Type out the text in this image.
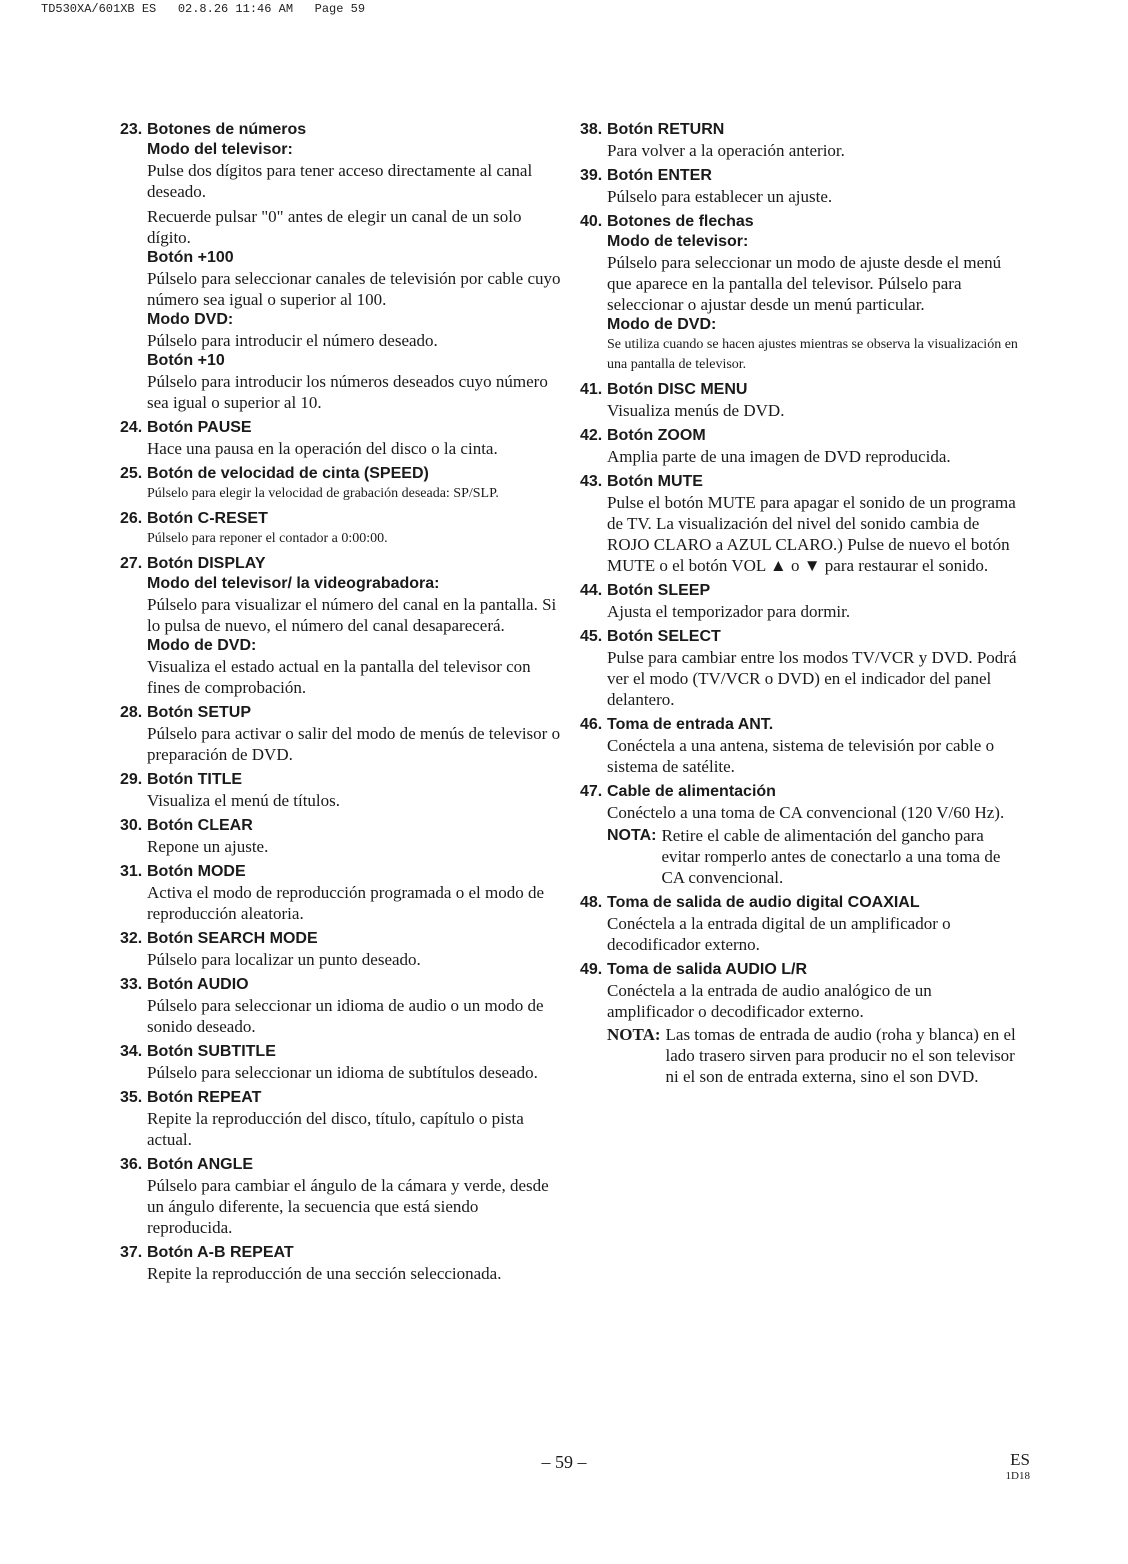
TD530XA/601XB ES   02.8.26 11:46 AM   Page 59
23. Botones de números
Modo del televisor:
Pulse dos dígitos para tener acceso directamente al canal deseado.
Recuerde pulsar "0" antes de elegir un canal de un solo dígito.
Botón +100
Púlselo para seleccionar canales de televisión por cable cuyo número sea igual o superior al 100.
Modo DVD:
Púlselo para introducir el número deseado.
Botón +10
Púlselo para introducir los números deseados cuyo número sea igual o superior al 10.
24. Botón PAUSE
Hace una pausa en la operación del disco o la cinta.
25. Botón de velocidad de cinta (SPEED)
Púlselo para elegir la velocidad de grabación deseada: SP/SLP.
26. Botón C-RESET
Púlselo para reponer el contador a 0:00:00.
27. Botón DISPLAY
Modo del televisor/ la videograbadora:
Púlselo para visualizar el número del canal en la pantalla. Si lo pulsa de nuevo, el número del canal desaparecerá.
Modo de DVD:
Visualiza el estado actual en la pantalla del televisor con fines de comprobación.
28. Botón SETUP
Púlselo para activar o salir del modo de menús de televisor o preparación de DVD.
29. Botón TITLE
Visualiza el menú de títulos.
30. Botón CLEAR
Repone un ajuste.
31. Botón MODE
Activa el modo de reproducción programada o el modo de reproducción aleatoria.
32. Botón SEARCH MODE
Púlselo para localizar un punto deseado.
33. Botón AUDIO
Púlselo para seleccionar un idioma de audio o un modo de sonido deseado.
34. Botón SUBTITLE
Púlselo para seleccionar un idioma de subtítulos deseado.
35. Botón REPEAT
Repite la reproducción del disco, título, capítulo o pista actual.
36. Botón ANGLE
Púlselo para cambiar el ángulo de la cámara y verde, desde un ángulo diferente, la secuencia que está siendo reproducida.
37. Botón A-B REPEAT
Repite la reproducción de una sección seleccionada.
38. Botón RETURN
Para volver a la operación anterior.
39. Botón ENTER
Púlselo para establecer un ajuste.
40. Botones de flechas
Modo de televisor:
Púlselo para seleccionar un modo de ajuste desde el menú que aparece en la pantalla del televisor. Púlselo para seleccionar o ajustar desde un menú particular.
Modo de DVD:
Se utiliza cuando se hacen ajustes mientras se observa la visualización en una pantalla de televisor.
41. Botón DISC MENU
Visualiza menús de DVD.
42. Botón ZOOM
Amplia parte de una imagen de DVD reproducida.
43. Botón MUTE
Pulse el botón MUTE para apagar el sonido de un programa de TV. La visualización del nivel del sonido cambia de ROJO CLARO a AZUL CLARO.) Pulse de nuevo el botón MUTE o el botón VOL ▲ o ▼ para restaurar el sonido.
44. Botón SLEEP
Ajusta el temporizador para dormir.
45. Botón SELECT
Pulse para cambiar entre los modos TV/VCR y DVD. Podrá ver el modo (TV/VCR o DVD) en el indicador del panel delantero.
46. Toma de entrada ANT.
Conéctela a una antena, sistema de televisión por cable o sistema de satélite.
47. Cable de alimentación
Conéctelo a una toma de CA convencional (120 V/60 Hz).
NOTA: Retire el cable de alimentación del gancho para evitar romperlo antes de conectarlo a una toma de CA convencional.
48. Toma de salida de audio digital COAXIAL
Conéctela a la entrada digital de un amplificador o decodificador externo.
49. Toma de salida AUDIO L/R
Conéctela a la entrada de audio analógico de un amplificador o decodificador externo.
NOTA: Las tomas de entrada de audio (roha y blanca) en el lado trasero sirven para producir no el son televisor ni el son de entrada externa, sino el son DVD.
– 59 –	ES
1D18
